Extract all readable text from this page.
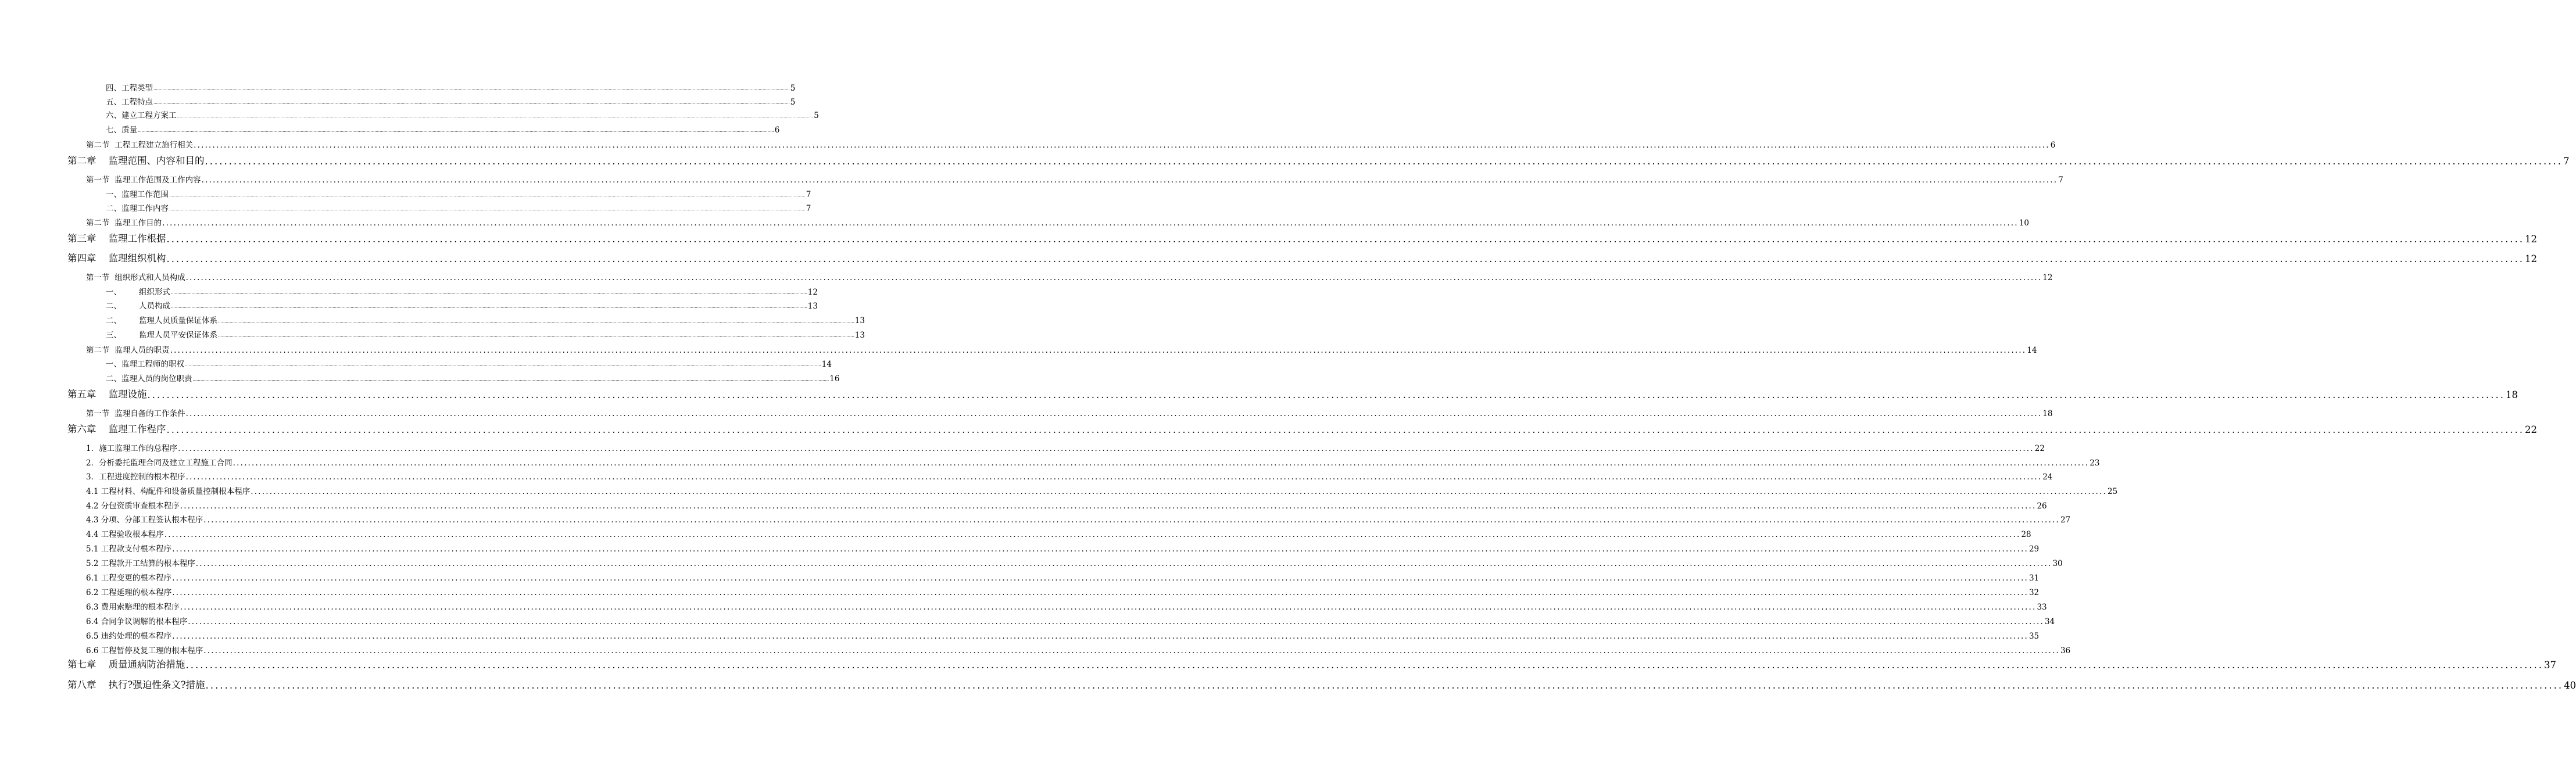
四、工程类型 ............................................................................................................................................................................................................................................................................................................................................................................................................................................................................................................ 5
五、工程特点 ............................................................................................................................................................................................................................................................................................................................................................................................................................................................................................................ 5
六、建立工程方案工 ............................................................................................................................................................................................................................................................................................................................................................................................................................................................................................................ 5
七、质量 ............................................................................................................................................................................................................................................................................................................................................................................................................................................................................................................ 6
第二节  工程工程建立施行相关 ............................................................................................................................................................................................................................................................................................................................................................................................................................................................................................................ 6
第二章    监理范围、内容和目的 ............................................................................................................................................................................................................................................................................................................................................................................................................................................................................................................ 7
第一节  监理工作范围及工作内容 ............................................................................................................................................................................................................................................................................................................................................................................................................................................................................................................ 7
一、监理工作范围 ............................................................................................................................................................................................................................................................................................................................................................................................................................................................................................................ 7
二、监理工作内容 ............................................................................................................................................................................................................................................................................................................................................................................................................................................................................................................ 7
第二节  监理工作目的 ............................................................................................................................................................................................................................................................................................................................................................................................................................................................................................................ 10
第三章    监理工作根据 ............................................................................................................................................................................................................................................................................................................................................................................................................................................................................................................ 12
第四章    监理组织机构 ............................................................................................................................................................................................................................................................................................................................................................................................................................................................................................................ 12
第一节  组织形式和人员构成 ............................................................................................................................................................................................................................................................................................................................................................................................................................................................................................................ 12
一、       组织形式 ............................................................................................................................................................................................................................................................................................................................................................................................................................................................................................................ 12
二、       人员构成 ............................................................................................................................................................................................................................................................................................................................................................................................................................................................................................................ 13
二、       监理人员质量保证体系 ............................................................................................................................................................................................................................................................................................................................................................................................................................................................................................................ 13
三、       监理人员平安保证体系 ............................................................................................................................................................................................................................................................................................................................................................................................................................................................................................................ 13
第二节  监理人员的职责 ............................................................................................................................................................................................................................................................................................................................................................................................................................................................................................................ 14
一、监理工程师的职权 ............................................................................................................................................................................................................................................................................................................................................................................................................................................................................................................ 14
二、监理人员的岗位职责 ............................................................................................................................................................................................................................................................................................................................................................................................................................................................................................................ 16
第五章    监理设施 ............................................................................................................................................................................................................................................................................................................................................................................................................................................................................................................ 18
第一节  监理自备的工作条件 ............................................................................................................................................................................................................................................................................................................................................................................................................................................................................................................ 18
第六章    监理工作程序 ............................................................................................................................................................................................................................................................................................................................................................................................................................................................................................................ 22
1．施工监理工作的总程序 ............................................................................................................................................................................................................................................................................................................................................................................................................................................................................................................ 22
2．分析委托监理合同及建立工程施工合同 ............................................................................................................................................................................................................................................................................................................................................................................................................................................................................................................ 23
3．工程进度控制的根本程序 ............................................................................................................................................................................................................................................................................................................................................................................................................................................................................................................ 24
4.1 工程材料、构配件和设备质量控制根本程序 ............................................................................................................................................................................................................................................................................................................................................................................................................................................................................................................ 25
4.2 分包资质审查根本程序 ............................................................................................................................................................................................................................................................................................................................................................................................................................................................................................................ 26
4.3 分项、分部工程签认根本程序 ............................................................................................................................................................................................................................................................................................................................................................................................................................................................................................................ 27
4.4 工程验收根本程序 ............................................................................................................................................................................................................................................................................................................................................................................................................................................................................................................ 28
5.1 工程款支付根本程序 ............................................................................................................................................................................................................................................................................................................................................................................................................................................................................................................ 29
5.2 工程款开工结算的根本程序 ............................................................................................................................................................................................................................................................................................................................................................................................................................................................................................................ 30
6.1 工程变更的根本程序 ............................................................................................................................................................................................................................................................................................................................................................................................................................................................................................................ 31
6.2 工程延理的根本程序 ............................................................................................................................................................................................................................................................................................................................................................................................................................................................................................................ 32
6.3 费用索赔理的根本程序 ............................................................................................................................................................................................................................................................................................................................................................................................................................................................................................................ 33
6.4 合同争议调解的根本程序 ............................................................................................................................................................................................................................................................................................................................................................................................................................................................................................................ 34
6.5 违约处理的根本程序 ............................................................................................................................................................................................................................................................................................................................................................................................................................................................................................................ 35
6.6 工程暂停及复工理的根本程序 ............................................................................................................................................................................................................................................................................................................................................................................................................................................................................................................ 36
第七章    质量通病防治措施 ............................................................................................................................................................................................................................................................................................................................................................................................................................................................................................................ 37
第八章    执行?强迫性条文?措施 ............................................................................................................................................................................................................................................................................................................................................................................................................................................................................................................ 40
